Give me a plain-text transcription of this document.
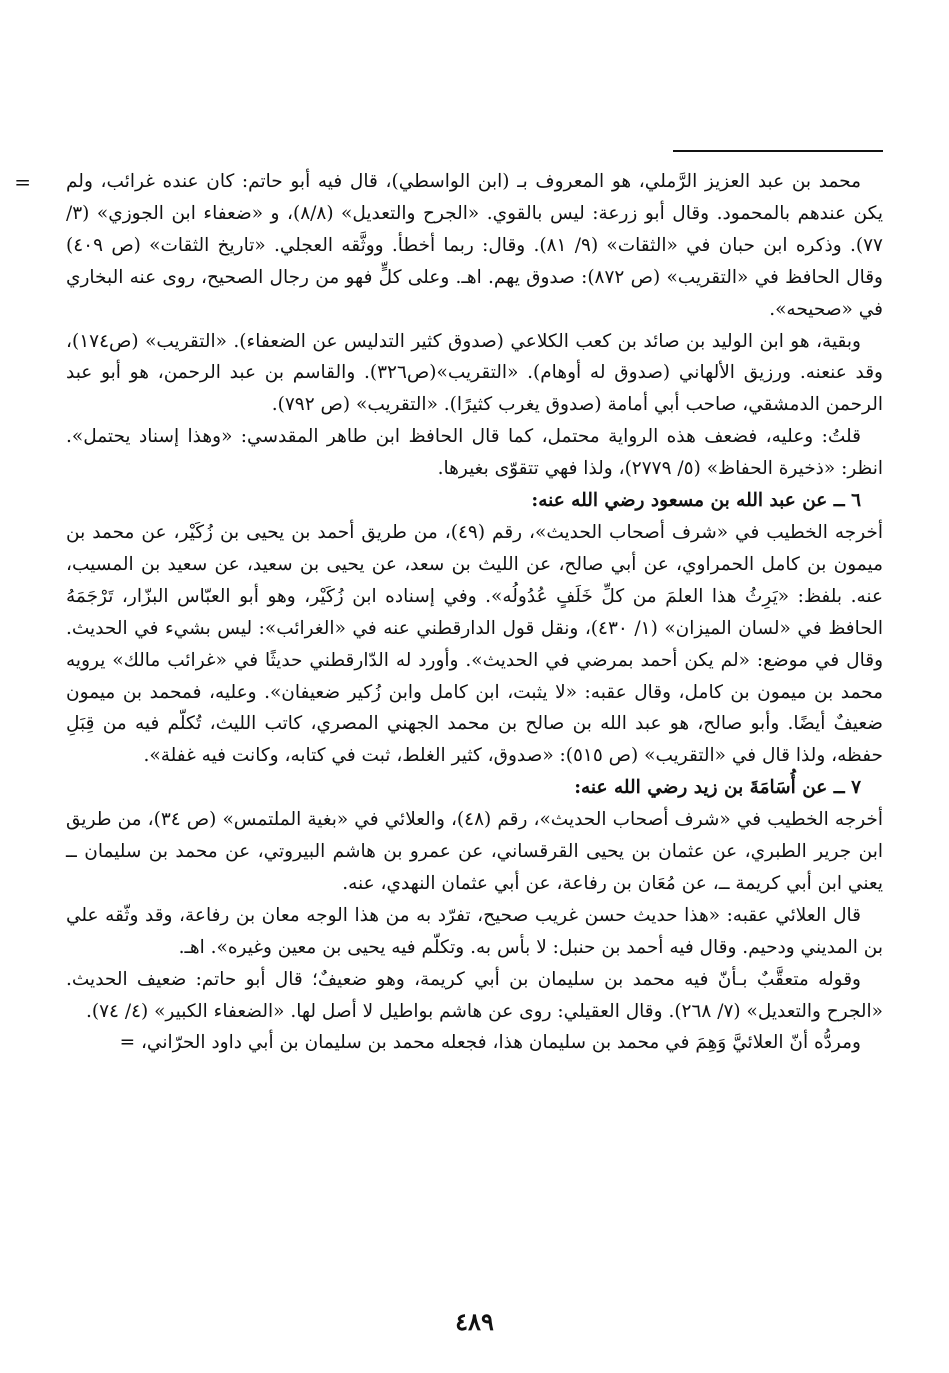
= محمد بن عبد العزيز الرَّملي، هو المعروف بـ (ابن الواسطي)، قال فيه أبو حاتم: كان عنده غرائب، ولم يكن عندهم بالمحمود. وقال أبو زرعة: ليس بالقوي. «الجرح والتعديل» (٨/٨)، و «ضعفاء ابن الجوزي» (٣/ ٧٧). وذكره ابن حبان في «الثقات» (٩/ ٨١). وقال: ربما أخطأ. ووثَّقه العجلي. «تاريخ الثقات» (ص ٤٠٩) وقال الحافظ في «التقريب» (ص ٨٧٢): صدوق يهم. اهـ. وعلى كلٍّ فهو من رجال الصحيح، روى عنه البخاري في «صحيحه».

وبقية، هو ابن الوليد بن صائد بن كعب الكلاعي (صدوق كثير التدليس عن الضعفاء). «التقريب» (ص١٧٤)، وقد عنعنه. ورزيق الألهاني (صدوق له أوهام). «التقريب»(ص٣٢٦). والقاسم بن عبد الرحمن، هو أبو عبد الرحمن الدمشقي، صاحب أبي أمامة (صدوق يغرب كثيرًا). «التقريب» (ص ٧٩٢).

قلتُ: وعليه، فضعف هذه الرواية محتمل، كما قال الحافظ ابن طاهر المقدسي: «وهذا إسناد يحتمل». انظر: «ذخيرة الحفاظ» (٥/ ٢٧٧٩)، ولذا فهي تتقوّى بغيرها.

٦ ــ عن عبد الله بن مسعود رضي الله عنه:

أخرجه الخطيب في «شرف أصحاب الحديث»، رقم (٤٩)، من طريق أحمد بن يحيى بن زُكَيْر، عن محمد بن ميمون بن كامل الحمراوي، عن أبي صالح، عن الليث بن سعد، عن يحيى بن سعيد، عن سعيد بن المسيب، عنه. بلفظ: «يَرِثُ هذا العلمَ من كلِّ خَلَفٍ عُدُولُه». وفي إسناده ابن زُكَيْر، وهو أبو العبّاس البزّار، تَرْجَمَهُ الحافظ في «لسان الميزان» (١/ ٤٣٠)، ونقل قول الدارقطني عنه في «الغرائب»: ليس بشيء في الحديث. وقال في موضع: «لم يكن أحمد بمرضي في الحديث». وأورد له الدّارقطني حديثًا في «غرائب مالك» يرويه محمد بن ميمون بن كامل، وقال عقبه: «لا يثبت، ابن كامل وابن زُكير ضعيفان». وعليه، فمحمد بن ميمون ضعيفٌ أيضًا. وأبو صالح، هو عبد الله بن صالح بن محمد الجهني المصري، كاتب الليث، تُكلّم فيه من قِبَلِ حفظه، ولذا قال في «التقريب» (ص ٥١٥): «صدوق، كثير الغلط، ثبت في كتابه، وكانت فيه غفلة».

٧ ــ عن أُسَامَةَ بن زيد رضي الله عنه:

أخرجه الخطيب في «شرف أصحاب الحديث»، رقم (٤٨)، والعلائي في «بغية الملتمس» (ص ٣٤)، من طريق ابن جرير الطبري، عن عثمان بن يحيى القرقساني، عن عمرو بن هاشم البيروتي، عن محمد بن سليمان ــ يعني ابن أبي كريمة ــ، عن مُعَان بن رفاعة، عن أبي عثمان النهدي، عنه.

قال العلائي عقبه: «هذا حديث حسن غريب صحيح، تفرّد به من هذا الوجه معان بن رفاعة، وقد وثّقه علي بن المديني ودحيم. وقال فيه أحمد بن حنبل: لا بأس به. وتكلّم فيه يحيى بن معين وغيره». اهـ.

وقوله متعقَّبٌ بـأنّ فيه محمد بن سليمان بن أبي كريمة، وهو ضعيفٌ؛ قال أبو حاتم: ضعيف الحديث. «الجرح والتعديل» (٧/ ٢٦٨). وقال العقيلي: روى عن هاشم بواطيل لا أصل لها. «الضعفاء الكبير» (٤/ ٧٤).

ومردُّه أنّ العلائيَّ وَهِمَ في محمد بن سليمان هذا، فجعله محمد بن سليمان بن أبي داود الحرّاني، =

٤٨٩
